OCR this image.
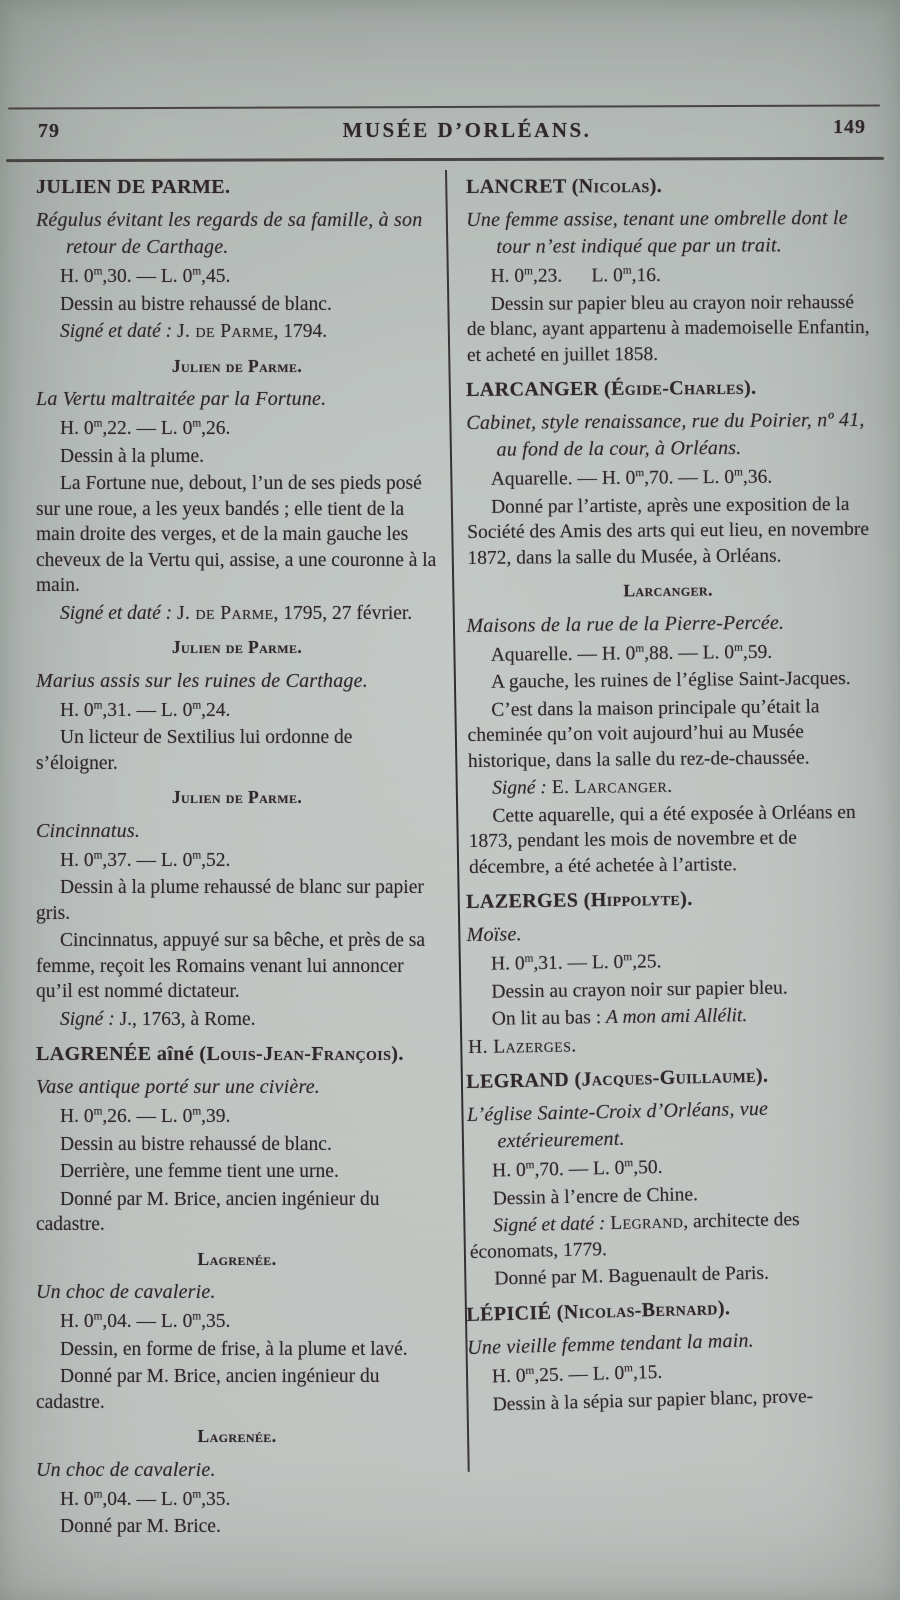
79	MUSÉE D’ORLÉANS.	149

JULIEN DE PARME.

Régulus évitant les regards de sa famille, à son retour de Carthage.

H. 0$^m$,30. — L. 0$^m$,45.

Dessin au bistre rehaussé de blanc.

Signé et daté : J. de Parme, 1794.

Julien de Parme.

La Vertu maltraitée par la Fortune.

H. 0$^m$,22. — L. 0$^m$,26.

Dessin à la plume.

La Fortune nue, debout, l’un de ses pieds posé sur une roue, a les yeux bandés ; elle tient de la main droite des verges, et de la main gauche les cheveux de la Vertu qui, assise, a une couronne à la main.

Signé et daté : J. de Parme, 1795, 27 février.

Julien de Parme.

Marius assis sur les ruines de Carthage.

H. 0$^m$,31. — L. 0$^m$,24.

Un licteur de Sextilius lui ordonne de s’éloigner.

Julien de Parme.

Cincinnatus.

H. 0$^m$,37. — L. 0$^m$,52.

Dessin à la plume rehaussé de blanc sur papier gris.

Cincinnatus, appuyé sur sa bêche, et près de sa femme, reçoit les Romains venant lui annoncer qu’il est nommé dictateur.

Signé : J., 1763, à Rome.

LAGRENÉE aîné (Louis-Jean-François).

Vase antique porté sur une civière.

H. 0$^m$,26. — L. 0$^m$,39.

Dessin au bistre rehaussé de blanc.

Derrière, une femme tient une urne.

Donné par M. Brice, ancien ingénieur du cadastre.

Lagrenée.

Un choc de cavalerie.

H. 0$^m$,04. — L. 0$^m$,35.

Dessin, en forme de frise, à la plume et lavé.

Donné par M. Brice, ancien ingénieur du cadastre.

Lagrenée.

Un choc de cavalerie.

H. 0$^m$,04. — L. 0$^m$,35.

Donné par M. Brice.

LANCRET (Nicolas).

Une femme assise, tenant une ombrelle dont le tour n’est indiqué que par un trait.

H. 0$^m$,23.  L. 0$^m$,16.

Dessin sur papier bleu au crayon noir rehaussé de blanc, ayant appartenu à mademoiselle Enfantin, et acheté en juillet 1858.

LARCANGER (Égide-Charles).

Cabinet, style renaissance, rue du Poirier, nº 41, au fond de la cour, à Orléans.

Aquarelle. — H. 0$^m$,70. — L. 0$^m$,36.

Donné par l’artiste, après une exposition de la Société des Amis des arts qui eut lieu, en novembre 1872, dans la salle du Musée, à Orléans.

Larcanger.

Maisons de la rue de la Pierre-Percée.

Aquarelle. — H. 0$^m$,88. — L. 0$^m$,59.

A gauche, les ruines de l’église Saint-Jacques.

C’est dans la maison principale qu’était la cheminée qu’on voit aujourd’hui au Musée historique, dans la salle du rez-de-chaussée.

Signé : E. Larcanger.

Cette aquarelle, qui a été exposée à Orléans en 1873, pendant les mois de novembre et de décembre, a été achetée à l’artiste.

LAZERGES (Hippolyte).

Moïse.

H. 0$^m$,31. — L. 0$^m$,25.

Dessin au crayon noir sur papier bleu.

On lit au bas : A mon ami Allélit.

H. Lazerges.

LEGRAND (Jacques-Guillaume).

L’église Sainte-Croix d’Orléans, vue extérieurement.

H. 0$^m$,70. — L. 0$^m$,50.

Dessin à l’encre de Chine.

Signé et daté : Legrand, architecte des économats, 1779.

Donné par M. Baguenault de Paris.

LÉPICIÉ (Nicolas-Bernard).

Une vieille femme tendant la main.

H. 0$^m$,25. — L. 0$^m$,15.

Dessin à la sépia sur papier blanc, prove-
